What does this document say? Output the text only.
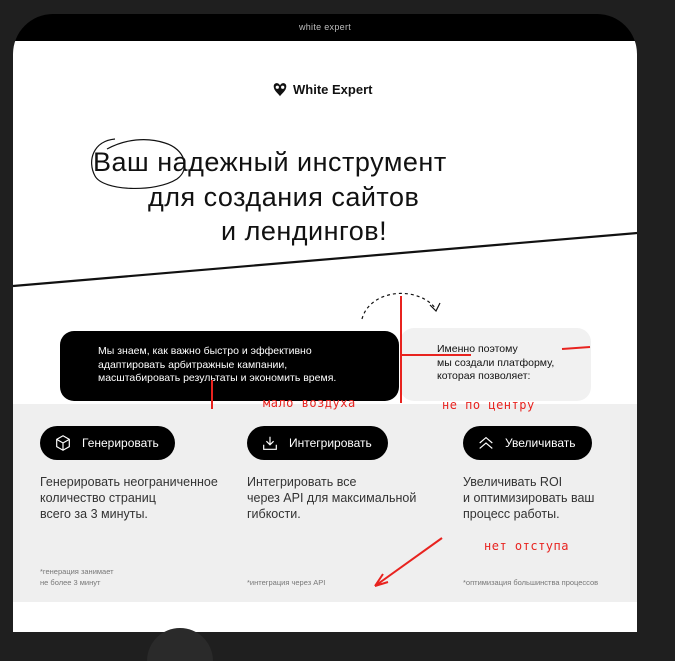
white expert
White Expert
Ваш надежный инструмент
для создания сайтов
и лендингов!
Мы знаем, как важно быстро и эффективно
адаптировать арбитражные кампании,
масштабировать результаты и экономить время.
Именно поэтому
мы создали платформу,
которая позволяет:
Генерировать
Генерировать неограниченное
количество страниц
всего за 3 минуты.
*генерация занимает
не более 3 минут
Интегрировать
Интегрировать все
через API для максимальной
гибкости.
*интеграция через API
Увеличивать
Увеличивать ROI
и оптимизировать ваш
процесс работы.
*оптимизация большинства процессов
мало воздуха	не по центру
нет отступа
